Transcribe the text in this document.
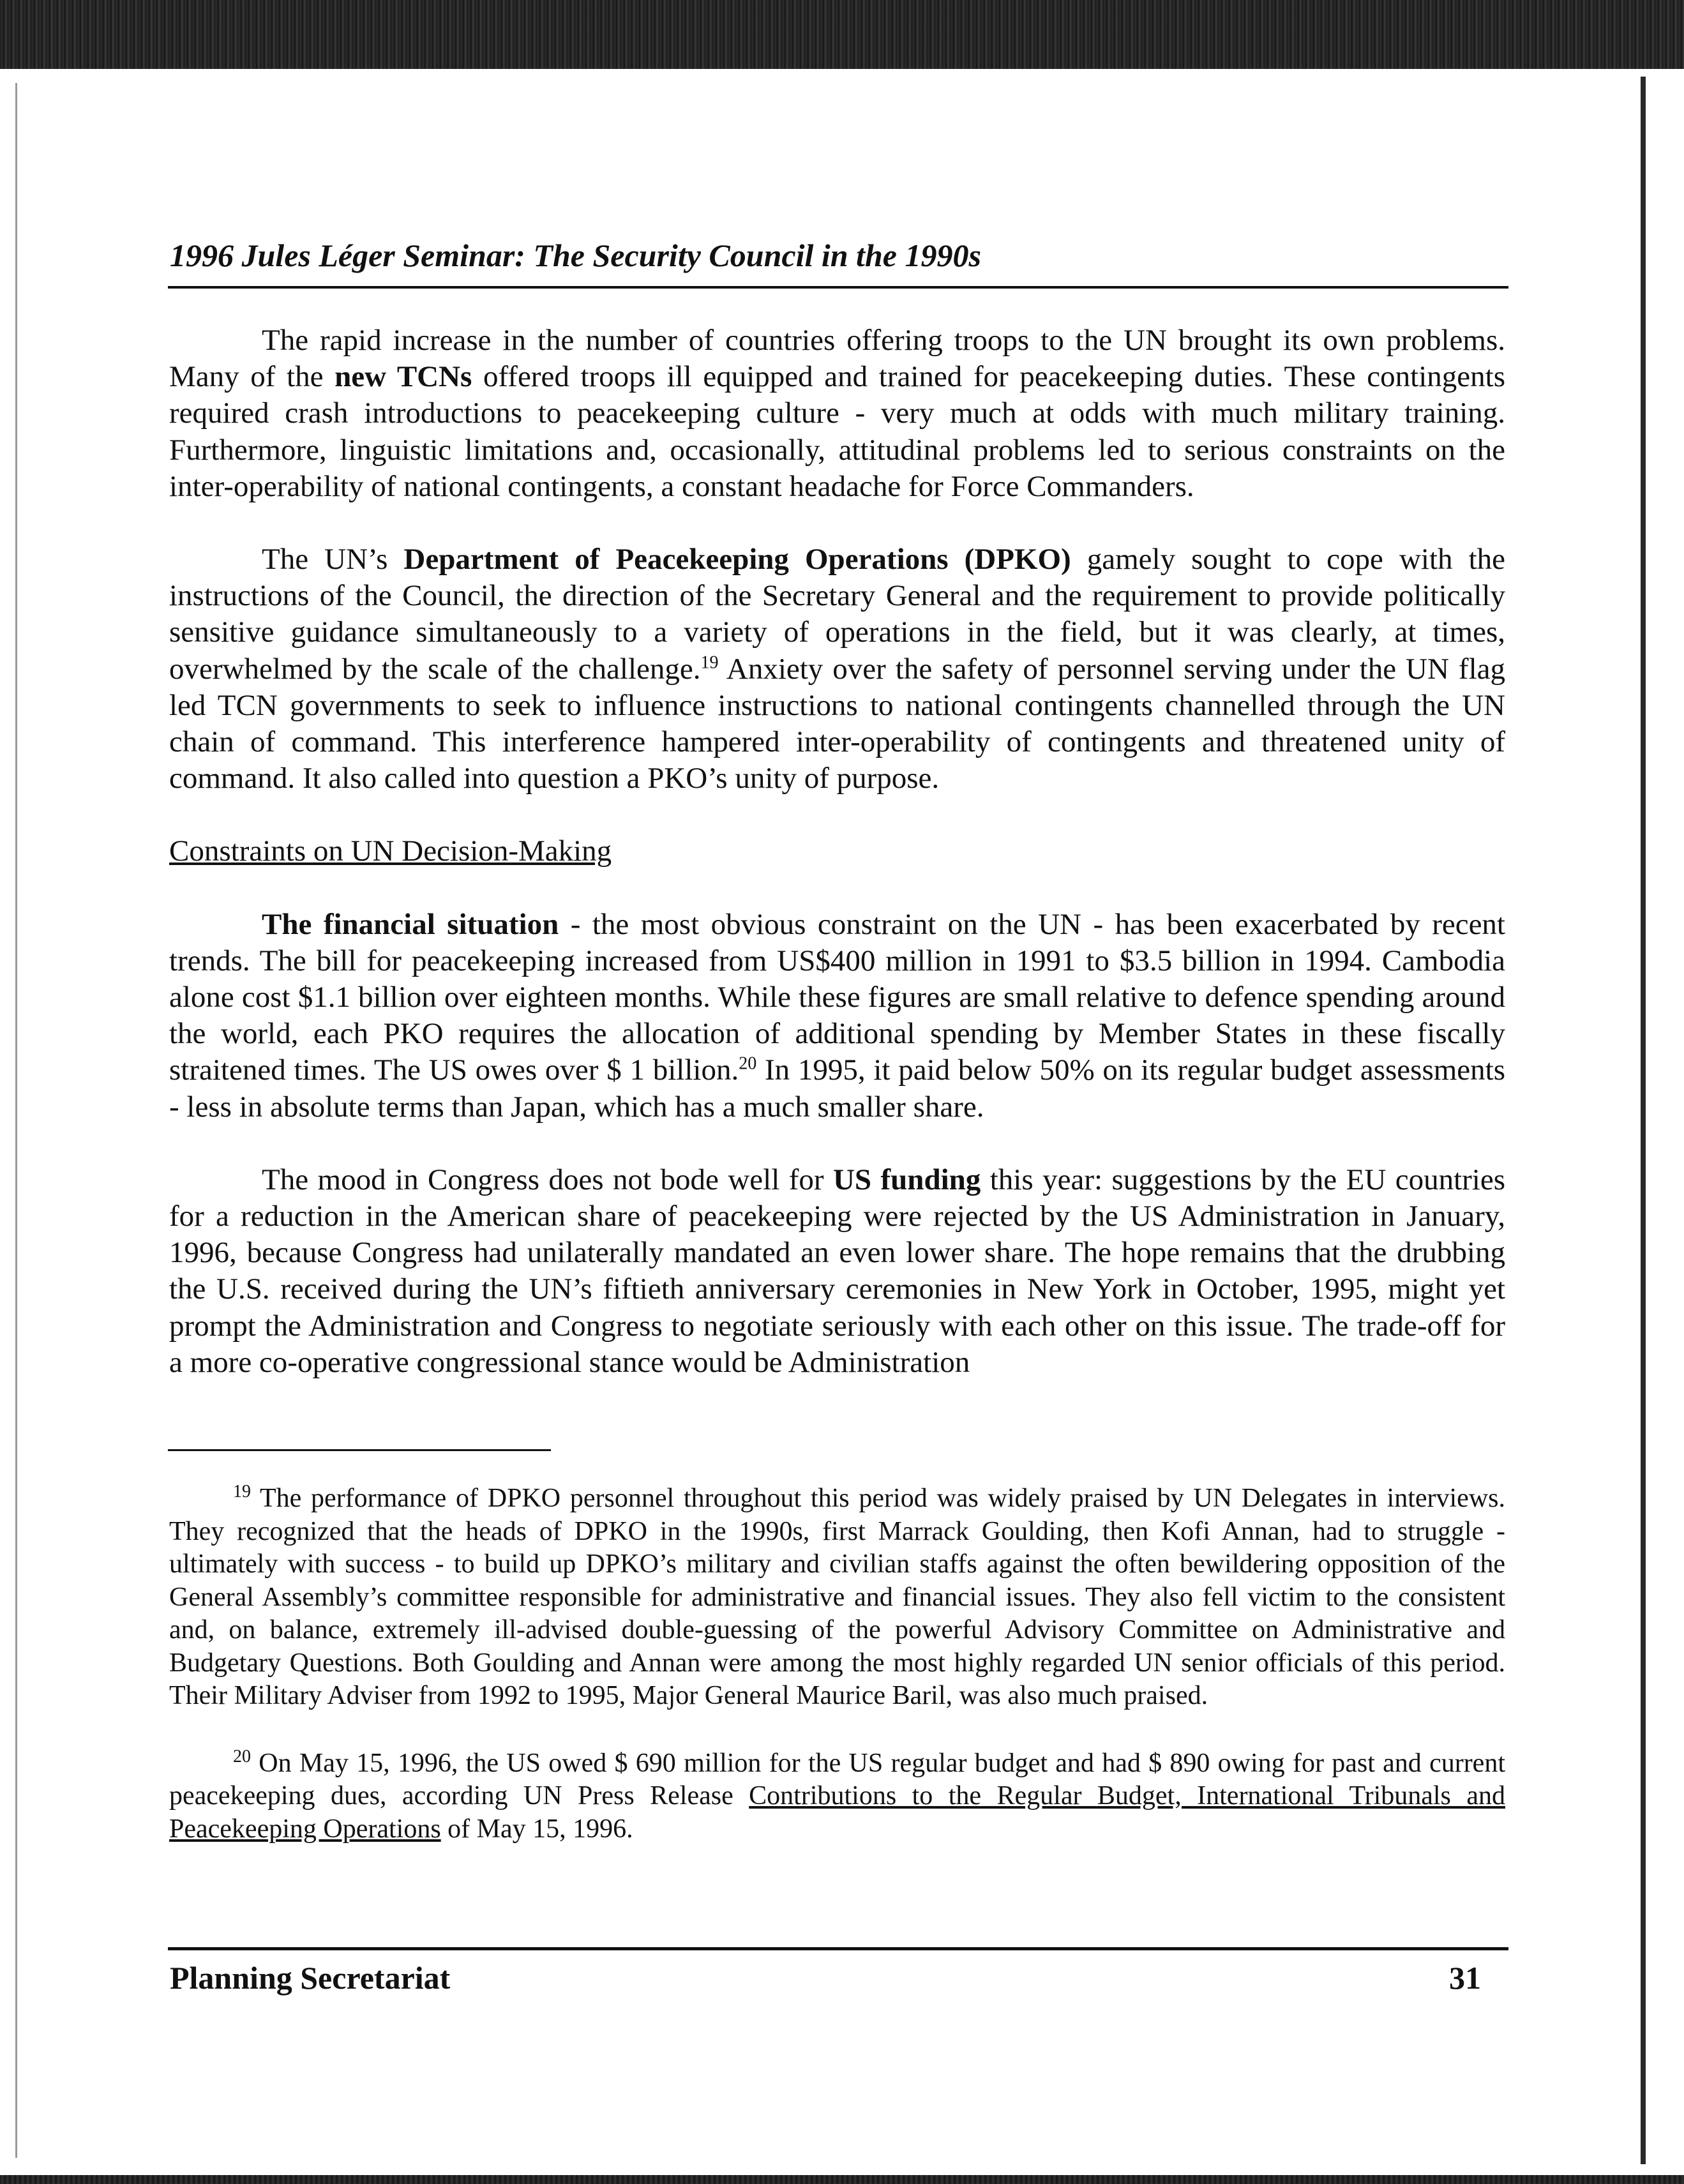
1996 Jules Léger Seminar: The Security Council in the 1990s

The rapid increase in the number of countries offering troops to the UN brought its own problems. Many of the new TCNs offered troops ill equipped and trained for peacekeeping duties. These contingents required crash introductions to peacekeeping culture - very much at odds with much military training. Furthermore, linguistic limitations and, occasionally, attitudinal problems led to serious constraints on the inter-operability of national contingents, a constant headache for Force Commanders.

The UN’s Department of Peacekeeping Operations (DPKO) gamely sought to cope with the instructions of the Council, the direction of the Secretary General and the requirement to provide politically sensitive guidance simultaneously to a variety of operations in the field, but it was clearly, at times, overwhelmed by the scale of the challenge.$^{19}$ Anxiety over the safety of personnel serving under the UN flag led TCN governments to seek to influence instructions to national contingents channelled through the UN chain of command. This interference hampered inter-operability of contingents and threatened unity of command. It also called into question a PKO’s unity of purpose.

Constraints on UN Decision-Making

The financial situation - the most obvious constraint on the UN - has been exacerbated by recent trends. The bill for peacekeeping increased from US$400 million in 1991 to $3.5 billion in 1994. Cambodia alone cost $1.1 billion over eighteen months. While these figures are small relative to defence spending around the world, each PKO requires the allocation of additional spending by Member States in these fiscally straitened times. The US owes over $ 1 billion.$^{20}$ In 1995, it paid below 50% on its regular budget assessments - less in absolute terms than Japan, which has a much smaller share.

The mood in Congress does not bode well for US funding this year: suggestions by the EU countries for a reduction in the American share of peacekeeping were rejected by the US Administration in January, 1996, because Congress had unilaterally mandated an even lower share. The hope remains that the drubbing the U.S. received during the UN’s fiftieth anniversary ceremonies in New York in October, 1995, might yet prompt the Administration and Congress to negotiate seriously with each other on this issue. The trade-off for a more co-operative congressional stance would be Administration

$^{19}$ The performance of DPKO personnel throughout this period was widely praised by UN Delegates in interviews. They recognized that the heads of DPKO in the 1990s, first Marrack Goulding, then Kofi Annan, had to struggle - ultimately with success - to build up DPKO’s military and civilian staffs against the often bewildering opposition of the General Assembly’s committee responsible for administrative and financial issues. They also fell victim to the consistent and, on balance, extremely ill-advised double-guessing of the powerful Advisory Committee on Administrative and Budgetary Questions. Both Goulding and Annan were among the most highly regarded UN senior officials of this period. Their Military Adviser from 1992 to 1995, Major General Maurice Baril, was also much praised.

$^{20}$ On May 15, 1996, the US owed $ 690 million for the US regular budget and had $ 890 owing for past and current peacekeeping dues, according UN Press Release Contributions to the Regular Budget, International Tribunals and Peacekeeping Operations of May 15, 1996.

Planning Secretariat	31
